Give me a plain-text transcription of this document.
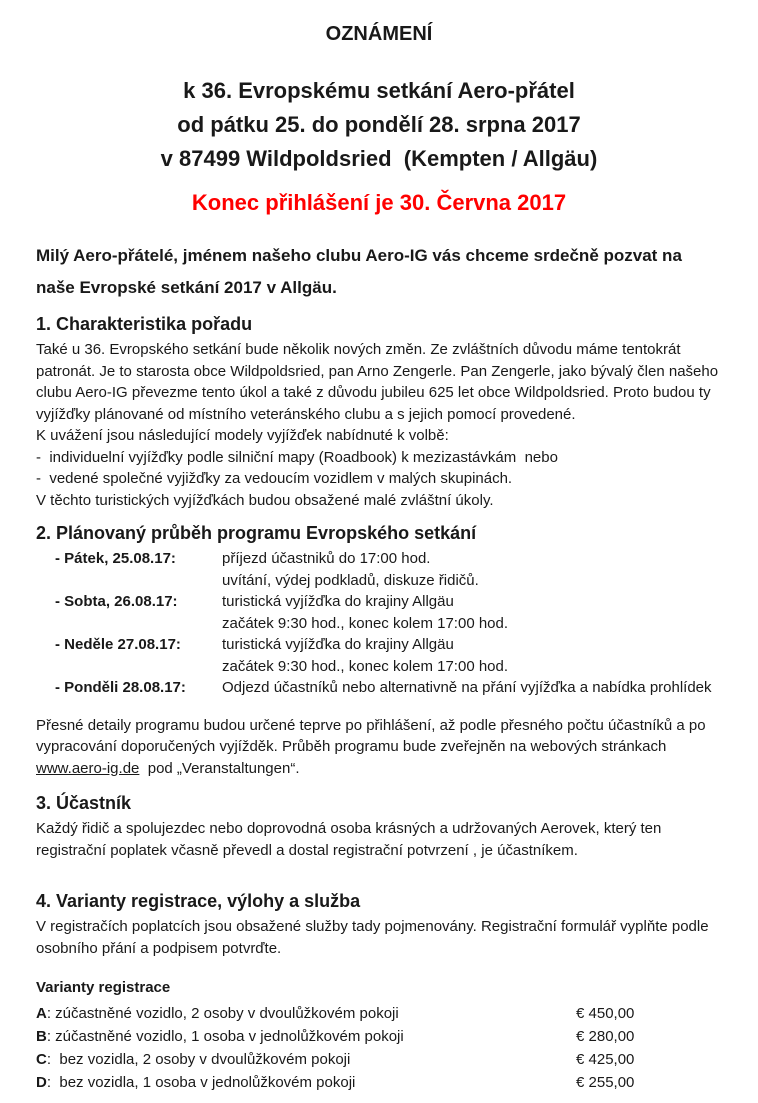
OZNÁMENÍ
k 36. Evropskému setkání Aero-přátel
od pátku 25. do pondělí 28. srpna 2017
v 87499 Wildpoldsried  (Kempten / Allgäu)
Konec přihlášení je 30. Června 2017
Milý Aero-přátelé, jménem našeho clubu Aero-IG vás chceme srdečně pozvat na naše Evropské setkání 2017 v Allgäu.
1. Charakteristika pořadu
Také u 36. Evropského setkání bude několik nových změn. Ze zvláštních důvodu máme tentokrát patronát. Je to starosta obce Wildpoldsried, pan Arno Zengerle. Pan Zengerle, jako bývalý člen našeho clubu Aero-IG převezme tento úkol a také z důvodu jubileu 625 let obce Wildpoldsried. Proto budou ty vyjížďky plánované od místního veteránského clubu a s jejich pomocí provedené.
K uvážení jsou následující modely vyjížďek nabídnuté k volbě:
-  individuelní vyjížďky podle silniční mapy (Roadbook) k mezizastávkám  nebo
-  vedené společné vyjižďky za vedoucím vozidlem v malých skupinách.
V těchto turistických vyjížďkách budou obsažené malé zvláštní úkoly.
2. Plánovaný průběh programu Evropského setkání
- Pátek, 25.08.17:	příjezd účastniků do 17:00 hod.
uvítání, výdej podkladů, diskuze řidičů.
- Sobta, 26.08.17:	turistická vyjížďka do krajiny Allgäu
začátek 9:30 hod., konec kolem 17:00 hod.
- Neděle 27.08.17:	turistická vyjížďka do krajiny Allgäu
začátek 9:30 hod., konec kolem 17:00 hod.
- Ponděli 28.08.17:	Odjezd účastníků nebo alternativně na přání vyjížďka a nabídka prohlídek
Přesné detaily programu budou určené teprve po přihlášení, až podle přesného počtu účastníků a po vypracování doporučených vyjížděk. Průběh programu bude zveřejněn na webových stránkach www.aero-ig.de  pod „Veranstaltungen“.
3. Účastník
Každý řidič a spolujezdec nebo doprovodná osoba krásných a udržovaných Aerovek, který ten registrační poplatek včasně převedl a dostal registrační potvrzení , je účastníkem.
4. Varianty registrace, výlohy a služba
V registračích poplatcích jsou obsažené služby tady pojmenovány. Registrační formulář vyplňte podle osobního přání a podpisem potvrďte.
Varianty registrace
A: zúčastněné vozidlo, 2 osoby v dvoulůžkovém pokoji	€ 450,00
B: zúčastněné vozidlo, 1 osoba v jednolůžkovém pokoji	€ 280,00
C:  bez vozidla, 2 osoby v dvoulůžkovém pokoji	€ 425,00
D:  bez vozidla, 1 osoba v jednolůžkovém pokoji	€ 255,00
